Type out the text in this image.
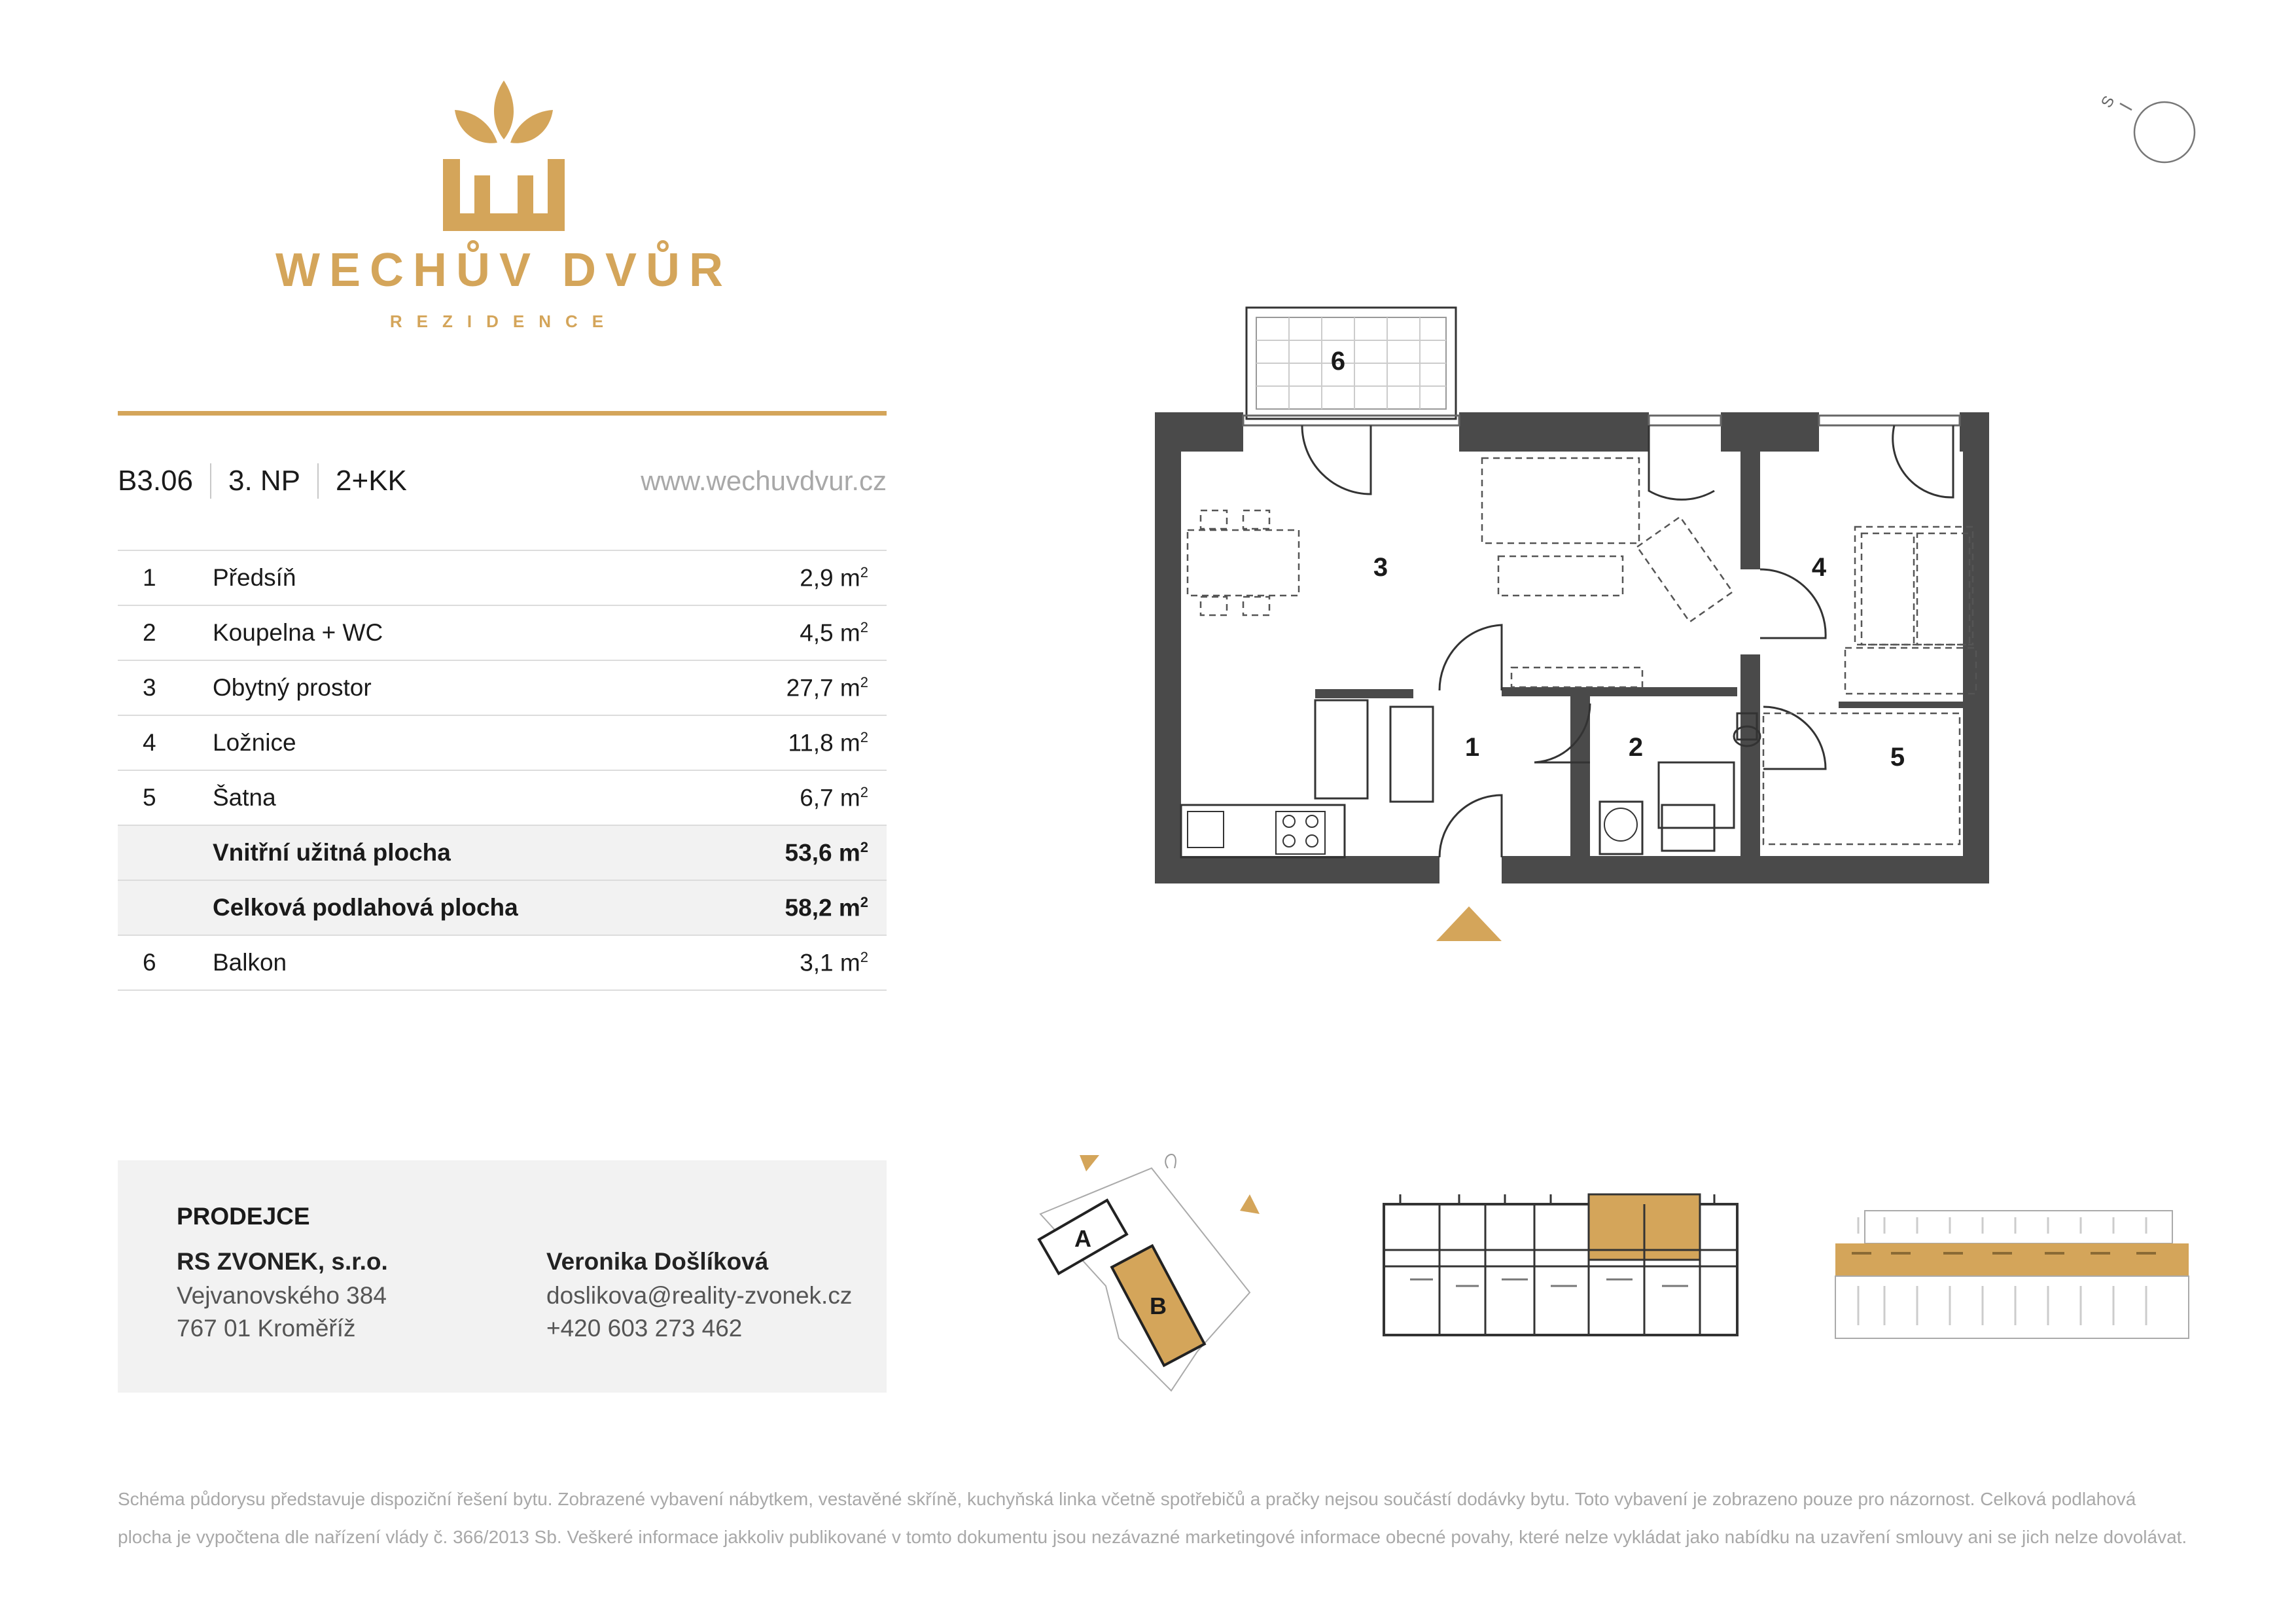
WECHŮV DVŮR
REZIDENCE
B3.06 3. NP 2+KK	www.wechuvdvur.cz
1	Předsíň	2,9 $m^2$
2	Koupelna + WC	4,5 $m^2$
3	Obytný prostor	27,7 $m^2$
4	Ložnice	11,8 $m^2$
5	Šatna	6,7 $m^2$
Vnitřní užitná plocha	53,6 $m^2$
Celková podlahová plocha	58,2 $m^2$
6	Balkon	3,1 $m^2$
PRODEJCE
RS ZVONEK, s.r.o.
Vejvanovského 384
767 01 Kroměříž
Veronika Došlíková
doslikova@reality-zvonek.cz
+420 603 273 462
Schéma půdorysu představuje dispoziční řešení bytu. Zobrazené vybavení nábytkem, vestavěné skříně, kuchyňská linka včetně spotřebičů a pračky nejsou součástí dodávky bytu. Toto vybavení je zobrazeno pouze pro názornost. Celková podlahová plocha je vypočtena dle nařízení vlády č. 366/2013 Sb. Veškeré informace jakkoliv publikované v tomto dokumentu jsou nezávazné marketingové informace obecné povahy, které nelze vykládat jako nabídku na uzavření smlouvy ani se jich nelze dovolávat.
S
1	2
3	4
5
6
A
B
